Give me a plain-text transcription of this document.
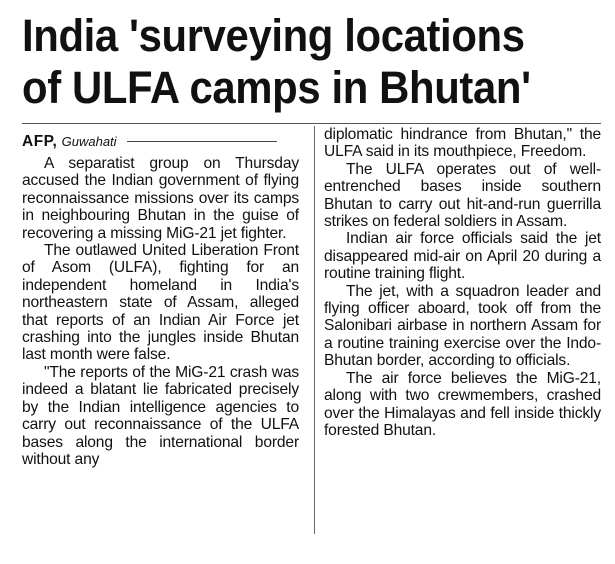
India 'surveying locations
of ULFA camps in Bhutan'
AFP, Guwahati

A separatist group on Thursday accused the Indian government of flying reconnaissance missions over its camps in neighbouring Bhutan in the guise of recovering a missing MiG-21 jet fighter.

The outlawed United Liberation Front of Asom (ULFA), fighting for an independent homeland in India's northeastern state of Assam, alleged that reports of an Indian Air Force jet crashing into the jungles inside Bhutan last month were false.

"The reports of the MiG-21 crash was indeed a blatant lie fabricated precisely by the Indian intelligence agencies to carry out reconnaissance of the ULFA bases along the international border without any

diplomatic hindrance from Bhutan," the ULFA said in its mouthpiece, Freedom.

The ULFA operates out of well-entrenched bases inside southern Bhutan to carry out hit-and-run guerrilla strikes on federal soldiers in Assam.

Indian air force officials said the jet disappeared mid-air on April 20 during a routine training flight.

The jet, with a squadron leader and flying officer aboard, took off from the Salonibari airbase in northern Assam for a routine training exercise over the Indo-Bhutan border, according to officials.

The air force believes the MiG-21, along with two crewmembers, crashed over the Himalayas and fell inside thickly forested Bhutan.
